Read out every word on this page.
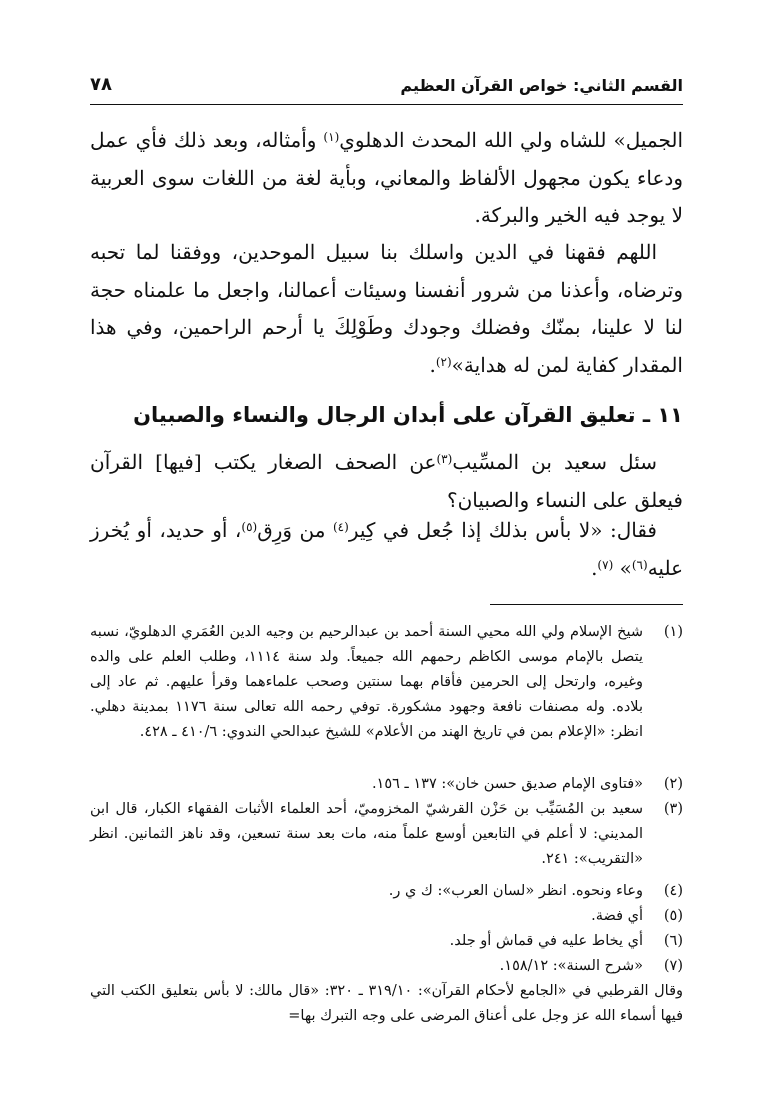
القسم الثاني: خواص القرآن العظيم
٧٨
الجميل» للشاه ولي الله المحدث الدهلوي$^{(١)}$ وأمثاله، وبعد ذلك فأي عمل ودعاء يكون مجهول الألفاظ والمعاني، وبأية لغة من اللغات سوى العربية لا يوجد فيه الخير والبركة.
اللهم فقهنا في الدين واسلك بنا سبيل الموحدين، ووفقنا لما تحبه وترضاه، وأعذنا من شرور أنفسنا وسيئات أعمالنا، واجعل ما علمناه حجة لنا لا علينا، بمنّك وفضلك وجودك وطَوْلِكَ يا أرحم الراحمين، وفي هذا المقدار كفاية لمن له هداية»$^{(٢)}$.
١١ ـ تعليق القرآن على أبدان الرجال والنساء والصبيان
سئل سعيد بن المسِّيب$^{(٣)}$عن الصحف الصغار يكتب [فيها] القرآن فيعلق على النساء والصبيان؟
فقال: «لا بأس بذلك إذا جُعل في كِير$^{(٤)}$ من وَرِق$^{(٥)}$، أو حديد، أو يُخرز عليه$^{(٦)}$» $^{(٧)}$.
(١)
شيخ الإسلام ولي الله محيي السنة أحمد بن عبدالرحيم بن وجيه الدين العُمَري الدهلويّ، نسبه يتصل بالإمام موسى الكاظم رحمهم الله جميعاً. ولد سنة ١١١٤، وطلب العلم على والده وغيره، وارتحل إلى الحرمين فأقام بهما سنتين وصحب علماءهما وقرأ عليهم. ثم عاد إلى بلاده. وله مصنفات نافعة وجهود مشكورة. توفي رحمه الله تعالى سنة ١١٧٦ بمدينة دهلي. انظر: «الإعلام بمن في تاريخ الهند من الأعلام» للشيخ عبدالحي الندوي: ٤١٠/٦ ـ ٤٢٨.
(٢)
«فتاوى الإمام صديق حسن خان»: ١٣٧ ـ ١٥٦.
(٣)
سعيد بن المُسَيِّب بن حَزْن القرشيّ المخزوميّ، أحد العلماء الأثبات الفقهاء الكبار، قال ابن المديني: لا أعلم في التابعين أوسع علماً منه، مات بعد سنة تسعين، وقد ناهز الثمانين. انظر «التقريب»: ٢٤١.
(٤)
وعاء ونحوه. انظر «لسان العرب»: ك ي ر.
(٥)
أي فضة.
(٦)
أي يخاط عليه في قماش أو جلد.
(٧)
«شرح السنة»: ١٥٨/١٢.
وقال القرطبي في «الجامع لأحكام القرآن»: ٣١٩/١٠ ـ ٣٢٠: «قال مالك: لا بأس بتعليق الكتب التي فيها أسماء الله عز وجل على أعناق المرضى على وجه التبرك بها=
